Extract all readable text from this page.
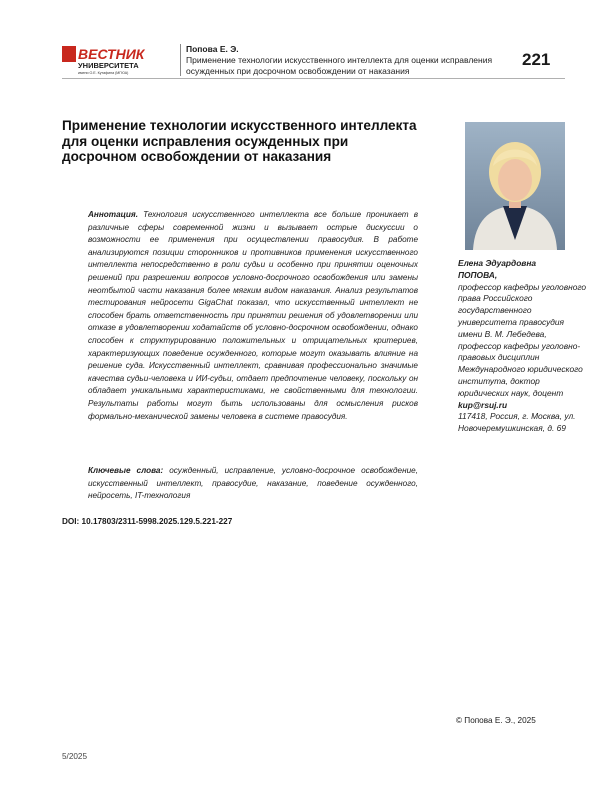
ВЕСТНИК
УНИВЕРСИТЕТА
имени О.Е. Кутафина (МГЮА)
Попова Е. Э.
Применение технологии искусственного интеллекта для оценки исправления осужденных при досрочном освобождении от наказания
221
Применение технологии искусственного интеллекта для оценки исправления осужденных при досрочном освобождении от наказания
Аннотация. Технология искусственного интеллекта все больше проникает в различные сферы современной жизни и вызывает острые дискуссии о возможности ее применения при осуществлении правосудия. В работе анализируются позиции сторонников и противников применения искусственного интеллекта непосредственно в роли судьи и особенно при принятии оценочных решений при разрешении вопросов условно-досрочного освобождения или замены неотбытой части наказания более мягким видом наказания. Анализ результатов тестирования нейросети GigaChat показал, что искусственный интеллект не способен брать ответственность при принятии решения об удовлетворении или отказе в удовлетворении ходатайств об условно-досрочном освобождении, однако способен к структурированию положительных и отрицательных критериев, характеризующих поведение осужденного, которые могут оказывать влияние на решение суда. Искусственный интеллект, сравнивая профессионально значимые качества судьи-человека и ИИ-судьи, отдает предпочтение человеку, поскольку он обладает уникальными характеристиками, не свойственными для технологии. Результаты работы могут быть использованы для осмысления рисков формально-механической замены человека в системе правосудия.
Ключевые слова: осужденный, исправление, условно-досрочное освобождение, искусственный интеллект, правосудие, наказание, поведение осужденного, нейросеть, IT-технология
DOI: 10.17803/2311-5998.2025.129.5.221-227
Елена Эдуардовна
ПОПОВА,
профессор кафедры уголовного права Российского государственного университета правосудия имени В. М. Лебедева, профессор кафедры уголовно-правовых дисциплин Международного юридического института, доктор юридических наук, доцент
kup@rsuj.ru
117418, Россия, г. Москва, ул. Новочеремушкинская, д. 69
© Попова Е. Э., 2025
5/2025
